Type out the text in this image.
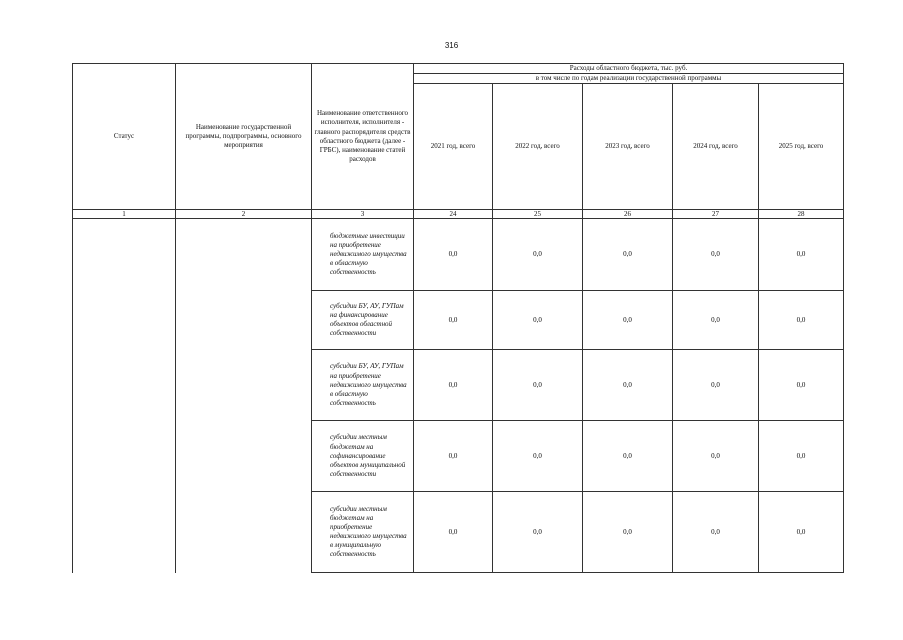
316
Статус	Наименование государственной программы, подпрограммы, основного мероприятия	Наименование ответственного исполнителя, исполнителя - главного распорядителя средств областного бюджета (далее - ГРБС), наименование статей расходов	Расходы областного бюджета, тыс. руб.				
			в том числе по годам реализации государственной программы				
			2021 год, всего	2022 год, всего	2023 год, всего	2024 год, всего	2025 год, всего
1	2	3	24	25	26	27	28
		бюджетные инвестиции на приобретение недвижимого имущества в областную собственность	0,0	0,0	0,0	0,0	0,0
		субсидии БУ, АУ, ГУПам на финансирование объектов областной собственности	0,0	0,0	0,0	0,0	0,0
		субсидии БУ, АУ, ГУПам на приобретение недвижимого имущества в областную собственность	0,0	0,0	0,0	0,0	0,0
		субсидии местным бюджетам на софинансирование объектов муниципальной собственности	0,0	0,0	0,0	0,0	0,0
		субсидии местным бюджетам на приобретение недвижимого имущества в муниципальную собственность	0,0	0,0	0,0	0,0	0,0
